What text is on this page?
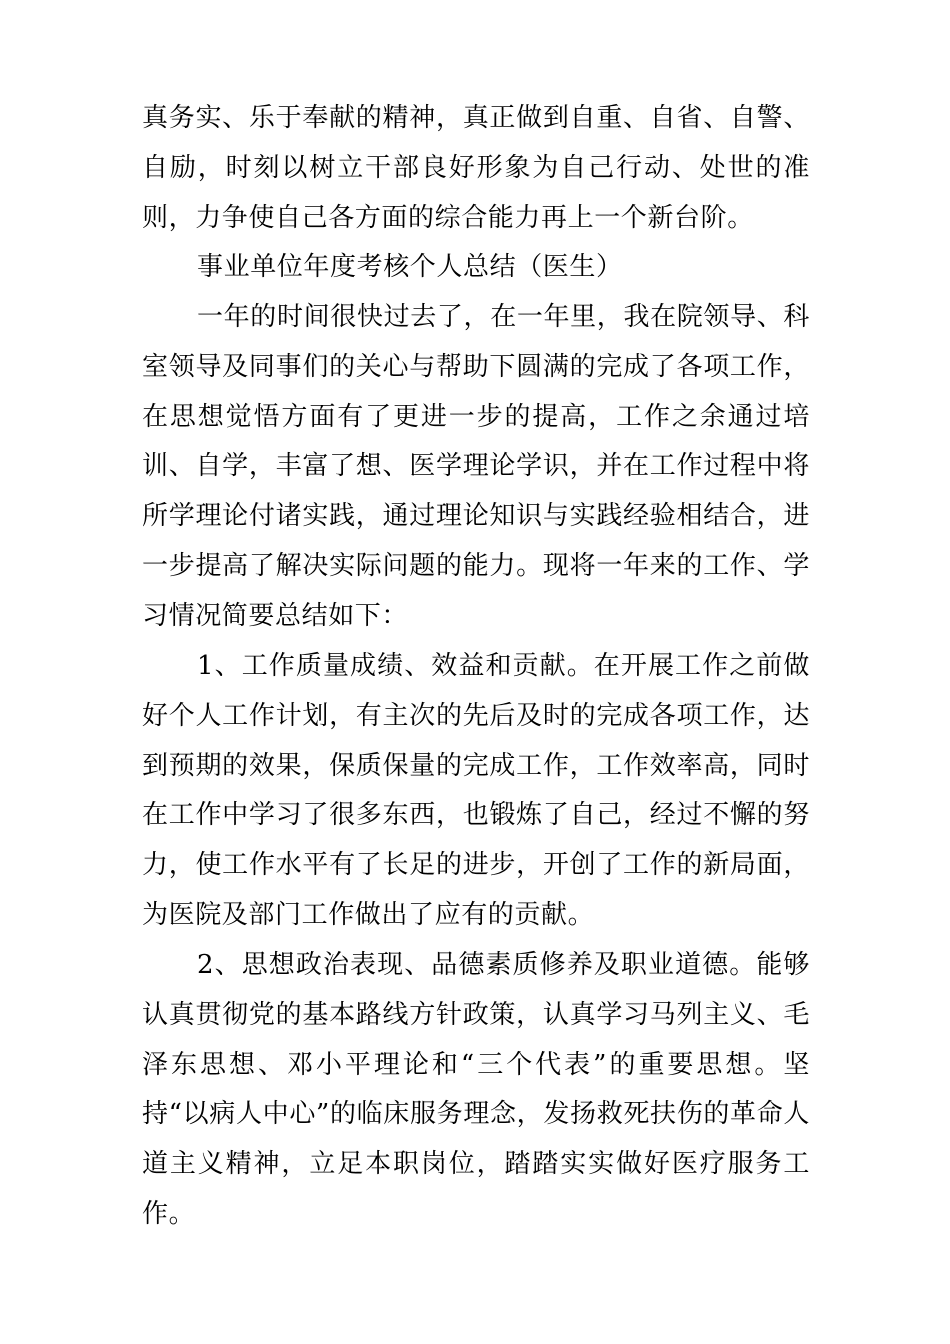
真务实、乐于奉献的精神，真正做到自重、自省、自警、自励，时刻以树立干部良好形象为自己行动、处世的准则，力争使自己各方面的综合能力再上一个新台阶。

事业单位年度考核个人总结（医生）

一年的时间很快过去了，在一年里，我在院领导、科室领导及同事们的关心与帮助下圆满的完成了各项工作，在思想觉悟方面有了更进一步的提高，工作之余通过培训、自学，丰富了想、医学理论学识，并在工作过程中将所学理论付诸实践，通过理论知识与实践经验相结合，进一步提高了解决实际问题的能力。现将一年来的工作、学习情况简要总结如下：

1、工作质量成绩、效益和贡献。在开展工作之前做好个人工作计划，有主次的先后及时的完成各项工作，达到预期的效果，保质保量的完成工作，工作效率高，同时在工作中学习了很多东西，也锻炼了自己，经过不懈的努力，使工作水平有了长足的进步，开创了工作的新局面，为医院及部门工作做出了应有的贡献。

2、思想政治表现、品德素质修养及职业道德。能够认真贯彻党的基本路线方针政策，认真学习马列主义、毛泽东思想、邓小平理论和“三个代表”的重要思想。坚持“以病人中心”的临床服务理念，发扬救死扶伤的革命人道主义精神，立足本职岗位，踏踏实实做好医疗服务工作。
